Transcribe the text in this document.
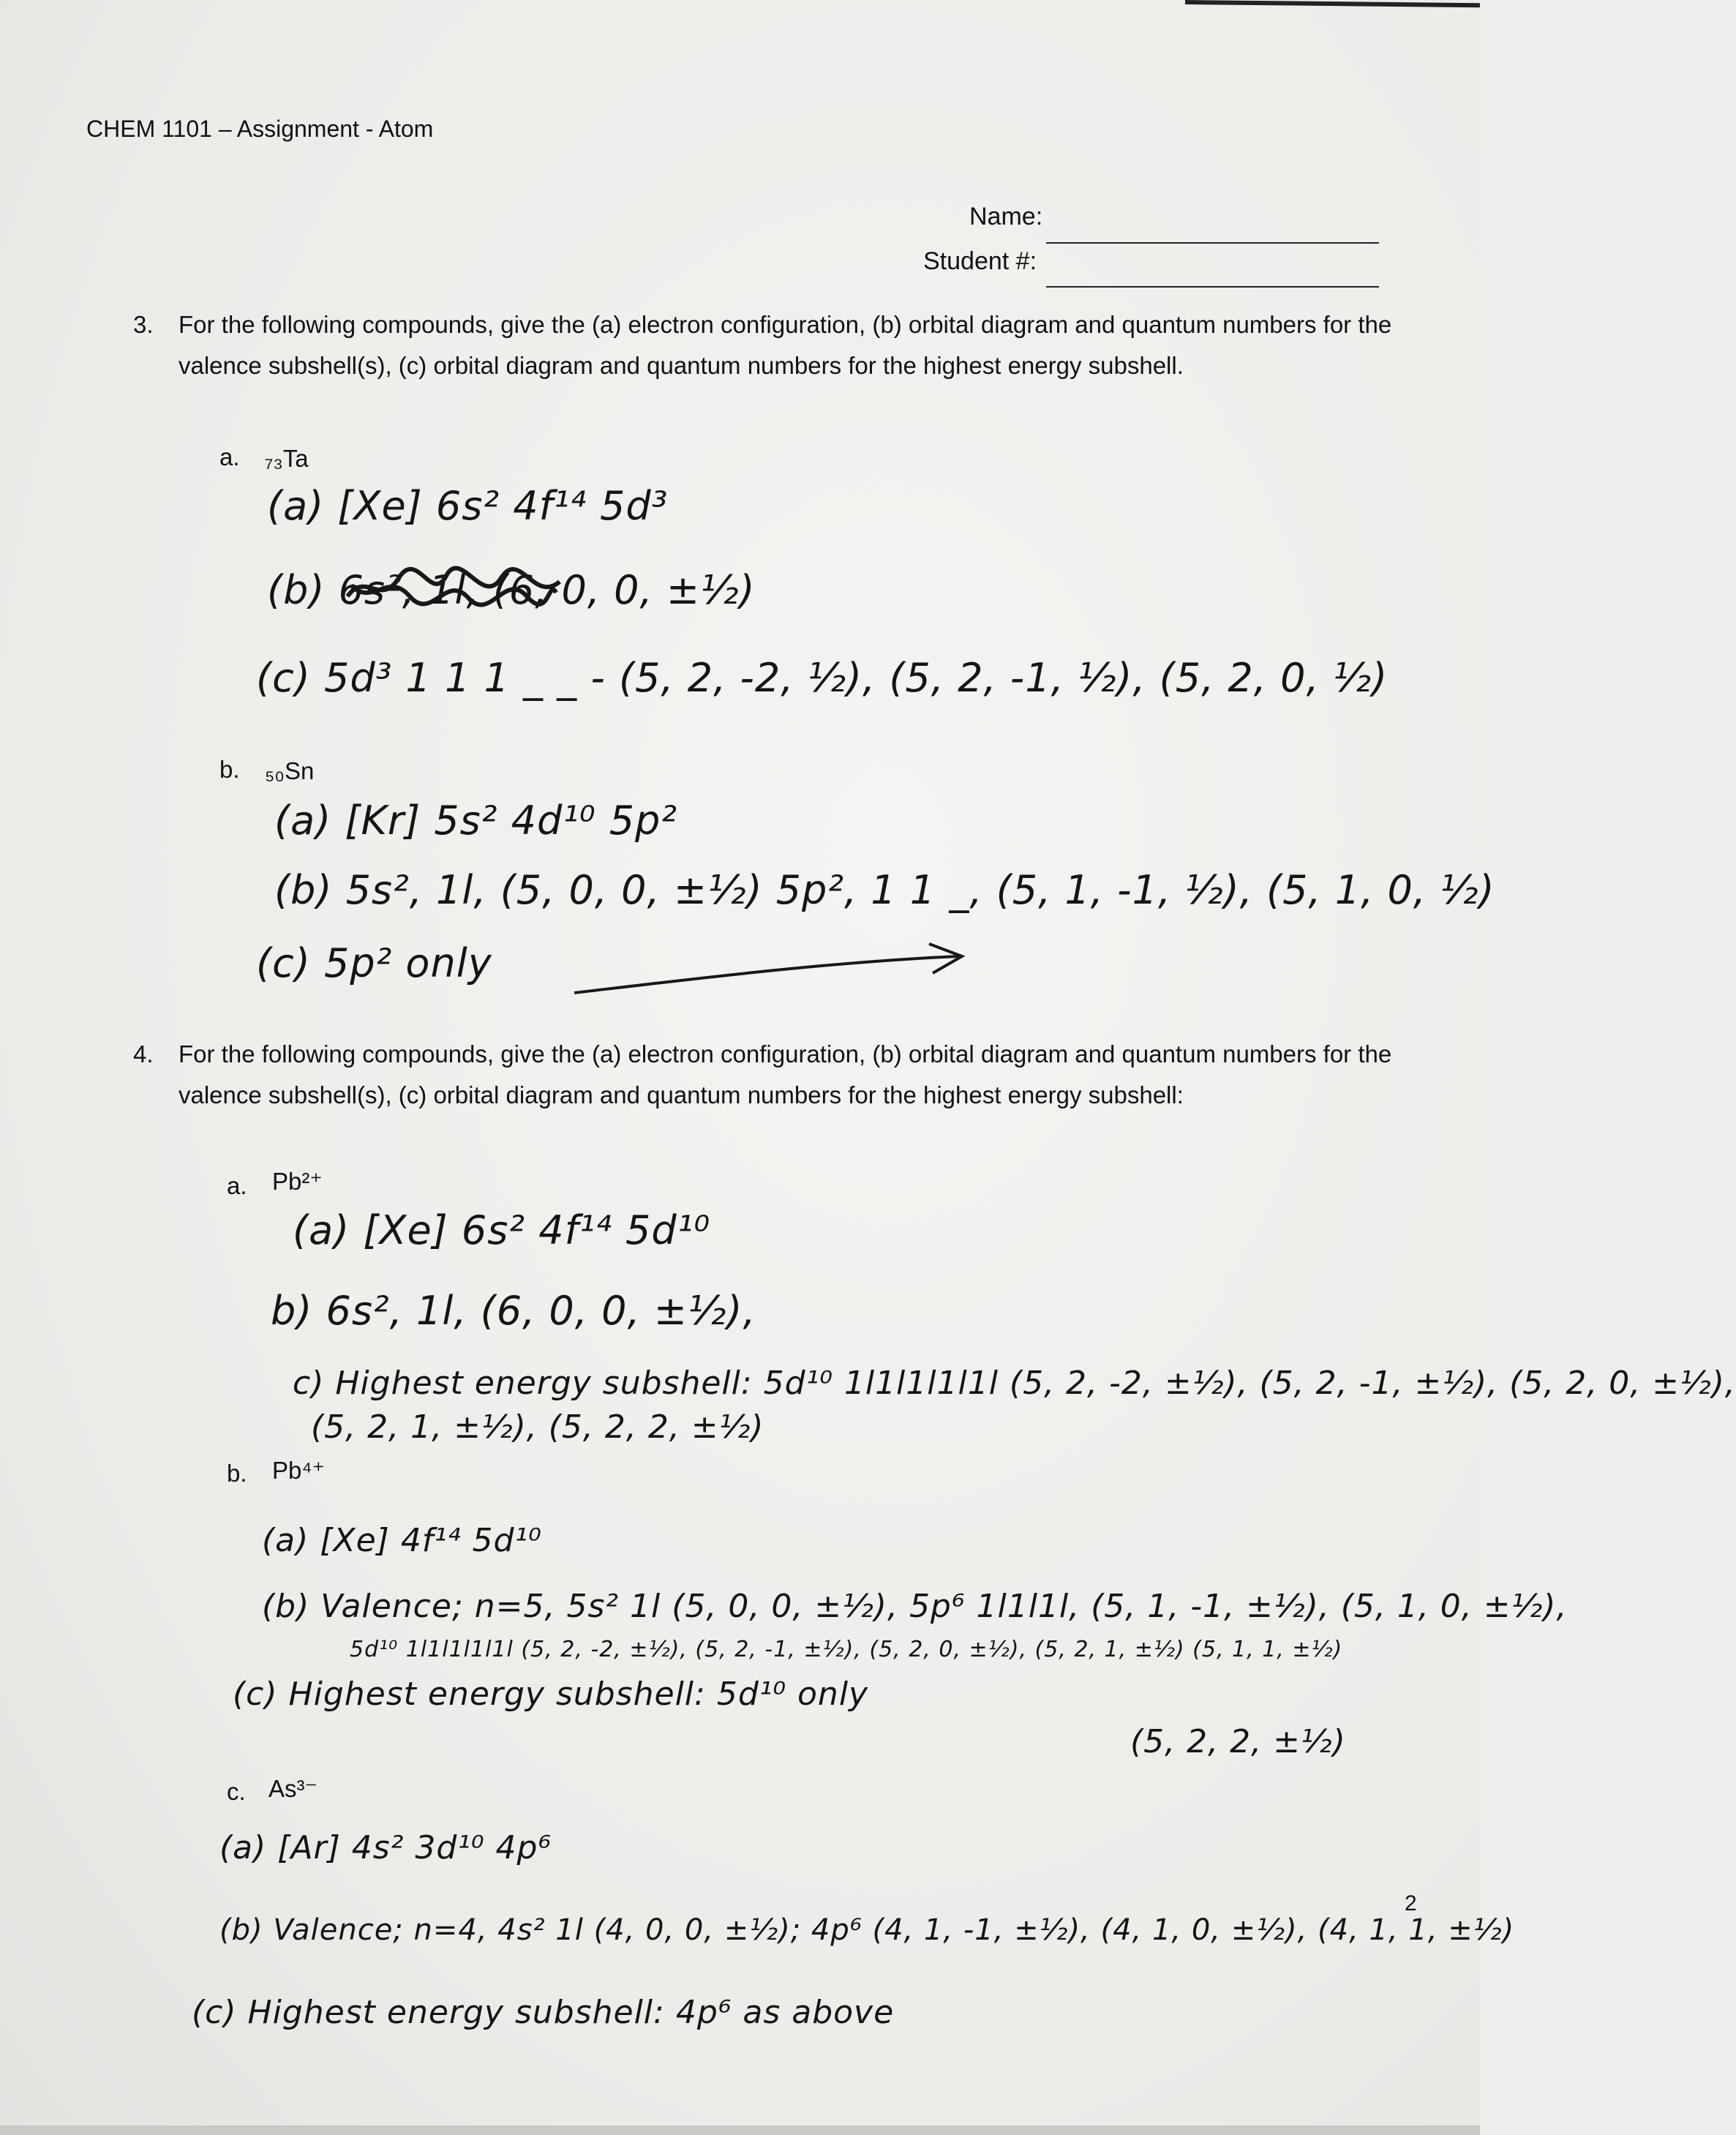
CHEM 1101 – Assignment - Atom
Name:
Student #:
3. For the following compounds, give the (a) electron configuration, (b) orbital diagram and quantum numbers for the valence subshell(s), (c) orbital diagram and quantum numbers for the highest energy subshell.
a. ₇₃Ta
(a) [Xe] 6s² 4f¹⁴ 5d³
(b) 6s², 1l, (6, 0, 0, ±½)
(c) 5d³ 1 1 1 _ _ - (5, 2, -2, ½), (5, 2, -1, ½), (5, 2, 0, ½)
b. ₅₀Sn
(a) [Kr] 5s² 4d¹⁰ 5p²
(b) 5s², 1l, (5, 0, 0, ±½) 5p², 1 1 _, (5, 1, -1, ½), (5, 1, 0, ½)
(c) 5p² only
4. For the following compounds, give the (a) electron configuration, (b) orbital diagram and quantum numbers for the valence subshell(s), (c) orbital diagram and quantum numbers for the highest energy subshell:
a. Pb²⁺
(a) [Xe] 6s² 4f¹⁴ 5d¹⁰
b) 6s², 1l, (6, 0, 0, ±½),
c) Highest energy subshell: 5d¹⁰ 1l1l1l1l1l (5, 2, -2, ±½), (5, 2, -1, ±½), (5, 2, 0, ±½),
(5, 2, 1, ±½), (5, 2, 2, ±½)
b. Pb⁴⁺
(a) [Xe] 4f¹⁴ 5d¹⁰
(b) Valence; n=5, 5s² 1l (5, 0, 0, ±½), 5p⁶ 1l1l1l, (5, 1, -1, ±½), (5, 1, 0, ±½),
5d¹⁰ 1l1l1l1l1l (5, 2, -2, ±½), (5, 2, -1, ±½), (5, 2, 0, ±½), (5, 2, 1, ±½) (5, 1, 1, ±½)
(c) Highest energy subshell: 5d¹⁰ only
(5, 2, 2, ±½)
c. As³⁻
(a) [Ar] 4s² 3d¹⁰ 4p⁶
(b) Valence; n=4, 4s² 1l (4, 0, 0, ±½); 4p⁶ (4, 1, -1, ±½), (4, 1, 0, ±½), (4, 1, 1, ±½)
(c) Highest energy subshell: 4p⁶ as above
2
